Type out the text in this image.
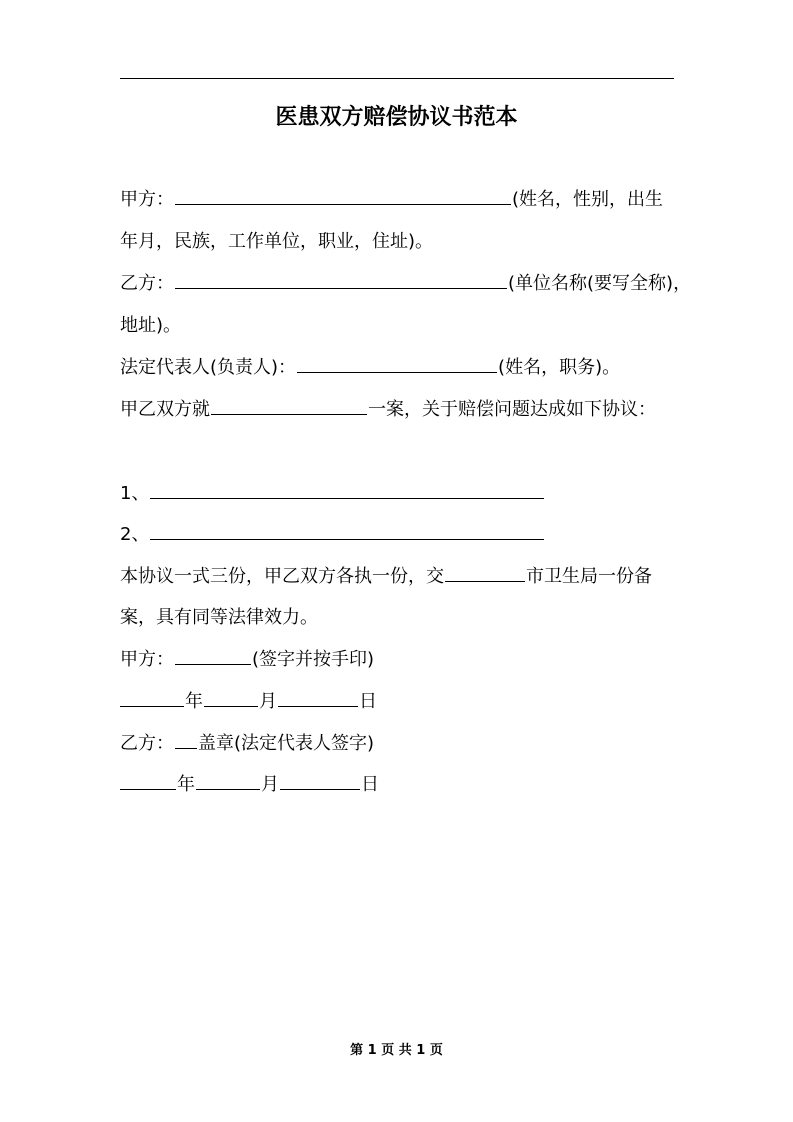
医患双方赔偿协议书范本
甲方：	(姓名，性别，出生
年月，民族，工作单位，职业，住址)。
乙方：	(单位名称(要写全称)，
地址)。
法定代表人(负责人)：	(姓名，职务)。
甲乙双方就	一案，关于赔偿问题达成如下协议：
1、
2、
本协议一式三份，甲乙双方各执一份，交	市卫生局一份备
案，具有同等法律效力。
甲方：	(签字并按手印)
年	月	日
乙方： 盖章(法定代表人签字)
年	月	日
第 1 页 共 1 页
